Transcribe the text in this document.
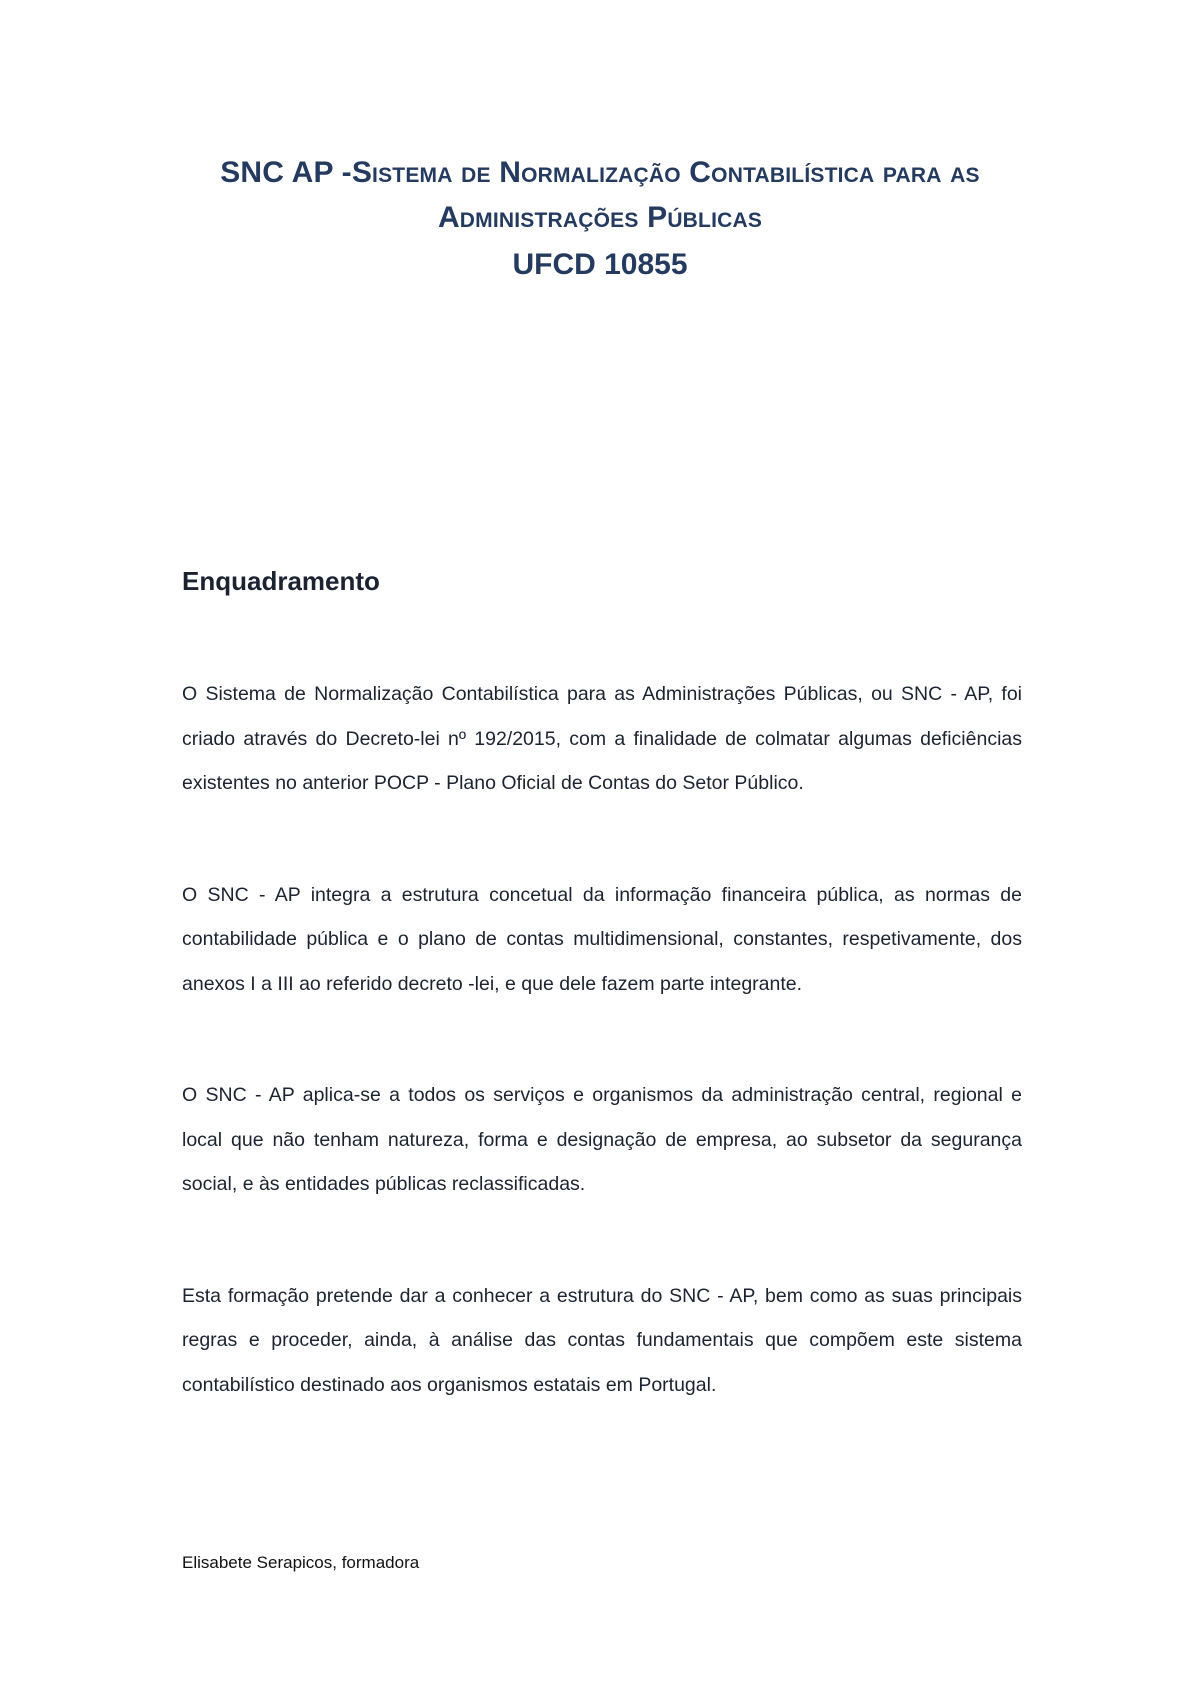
SNC AP -Sistema de Normalização Contabilística para as
Administrações Públicas
UFCD 10855
Enquadramento

O Sistema de Normalização Contabilística para as Administrações Públicas, ou SNC - AP, foi criado através do Decreto-lei nº 192/2015, com a finalidade de colmatar algumas deficiências existentes no anterior POCP - Plano Oficial de Contas do Setor Público.

O SNC - AP integra a estrutura concetual da informação financeira pública, as normas de contabilidade pública e o plano de contas multidimensional, constantes, respetivamente, dos anexos I a III ao referido decreto -lei, e que dele fazem parte integrante.

O SNC - AP aplica-se a todos os serviços e organismos da administração central, regional e local que não tenham natureza, forma e designação de empresa, ao subsetor da segurança social, e às entidades públicas reclassificadas.

Esta formação pretende dar a conhecer a estrutura do SNC - AP, bem como as suas principais regras e proceder, ainda, à análise das contas fundamentais que compõem este sistema contabilístico destinado aos organismos estatais em Portugal.

Elisabete Serapicos, formadora
